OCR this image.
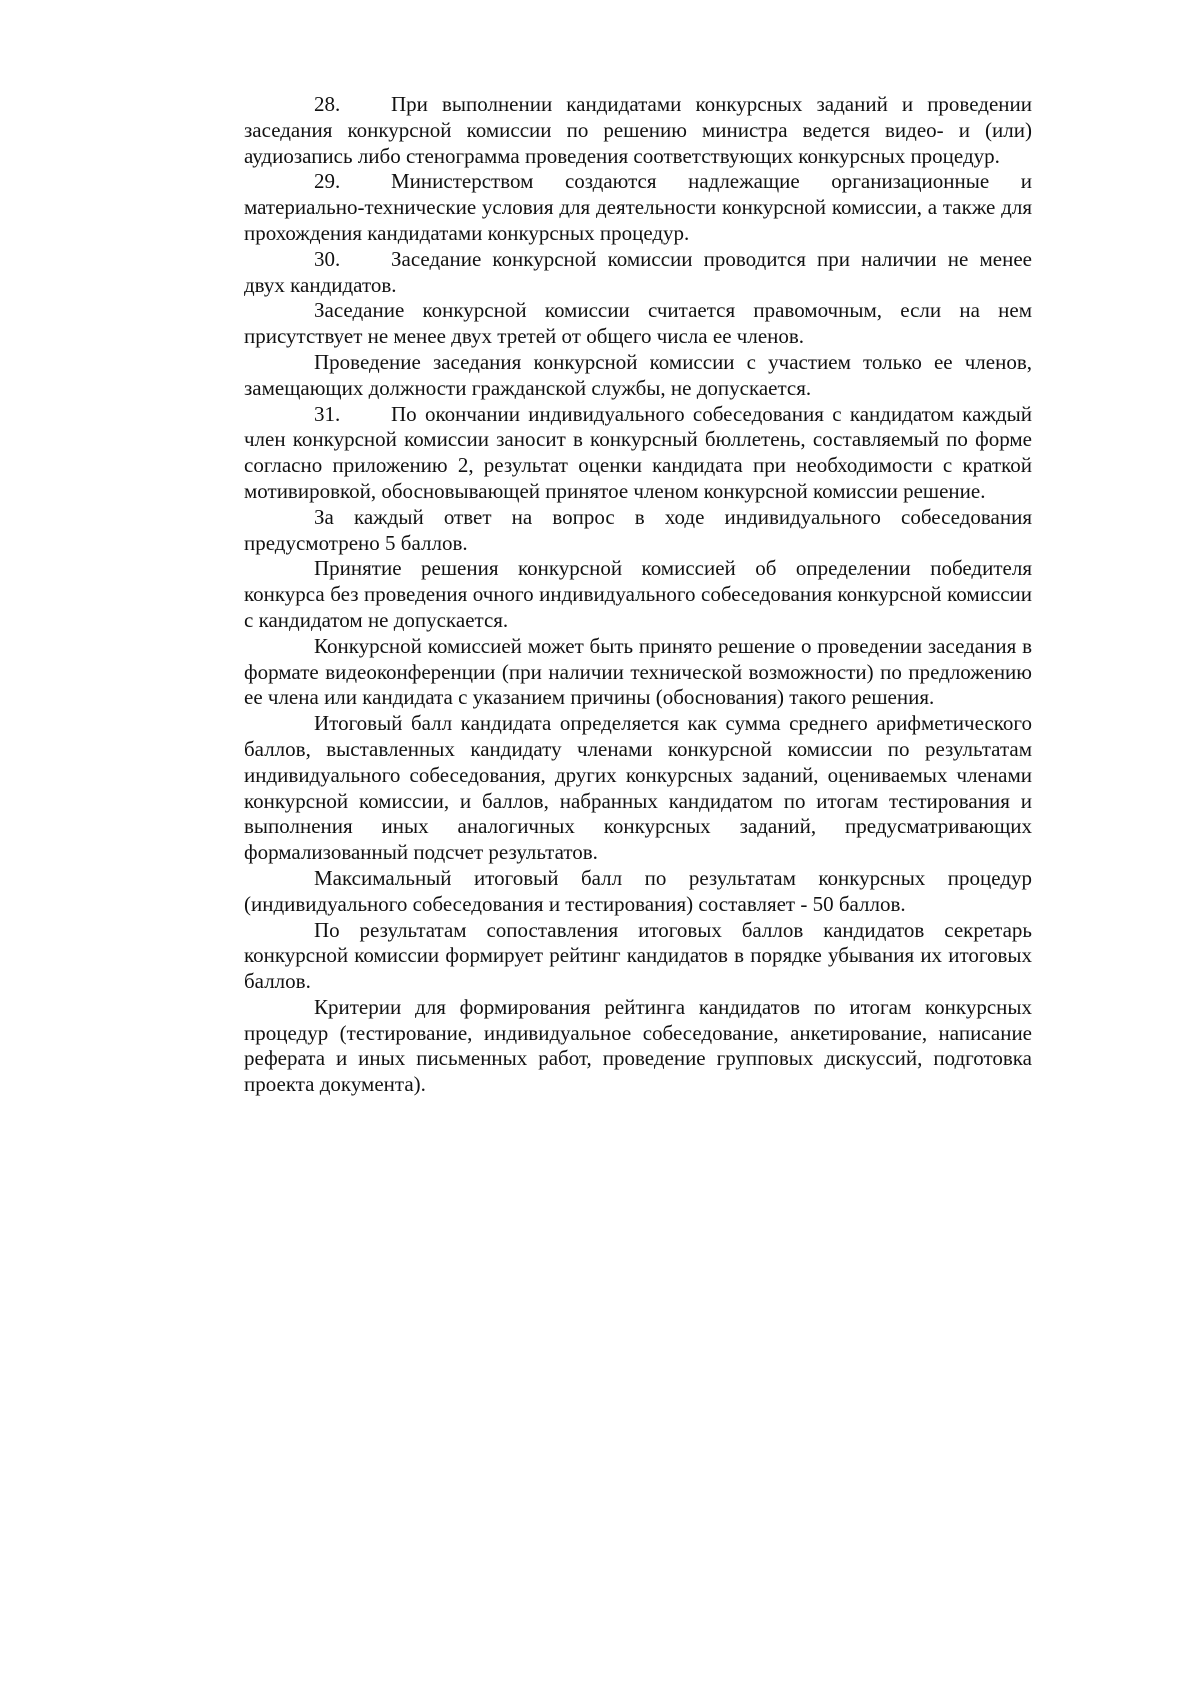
28. При выполнении кандидатами конкурсных заданий и проведении заседания конкурсной комиссии по решению министра ведется видео- и (или) аудиозапись либо стенограмма проведения соответствующих конкурсных процедур.

29. Министерством создаются надлежащие организационные и материально-технические условия для деятельности конкурсной комиссии, а также для прохождения кандидатами конкурсных процедур.

30. Заседание конкурсной комиссии проводится при наличии не менее двух кандидатов.

Заседание конкурсной комиссии считается правомочным, если на нем присутствует не менее двух третей от общего числа ее членов.

Проведение заседания конкурсной комиссии с участием только ее членов, замещающих должности гражданской службы, не допускается.

31. По окончании индивидуального собеседования с кандидатом каждый член конкурсной комиссии заносит в конкурсный бюллетень, составляемый по форме согласно приложению 2, результат оценки кандидата при необходимости с краткой мотивировкой, обосновывающей принятое членом конкурсной комиссии решение.

За каждый ответ на вопрос в ходе индивидуального собеседования предусмотрено 5 баллов.

Принятие решения конкурсной комиссией об определении победителя конкурса без проведения очного индивидуального собеседования конкурсной комиссии с кандидатом не допускается.

Конкурсной комиссией может быть принято решение о проведении заседания в формате видеоконференции (при наличии технической возможности) по предложению ее члена или кандидата с указанием причины (обоснования) такого решения.

Итоговый балл кандидата определяется как сумма среднего арифметического баллов, выставленных кандидату членами конкурсной комиссии по результатам индивидуального собеседования, других конкурсных заданий, оцениваемых членами конкурсной комиссии, и баллов, набранных кандидатом по итогам тестирования и выполнения иных аналогичных конкурсных заданий, предусматривающих формализованный подсчет результатов.

Максимальный итоговый балл по результатам конкурсных процедур (индивидуального собеседования и тестирования) составляет - 50 баллов.

По результатам сопоставления итоговых баллов кандидатов секретарь конкурсной комиссии формирует рейтинг кандидатов в порядке убывания их итоговых баллов.

Критерии для формирования рейтинга кандидатов по итогам конкурсных процедур (тестирование, индивидуальное собеседование, анкетирование, написание реферата и иных письменных работ, проведение групповых дискуссий, подготовка проекта документа).
